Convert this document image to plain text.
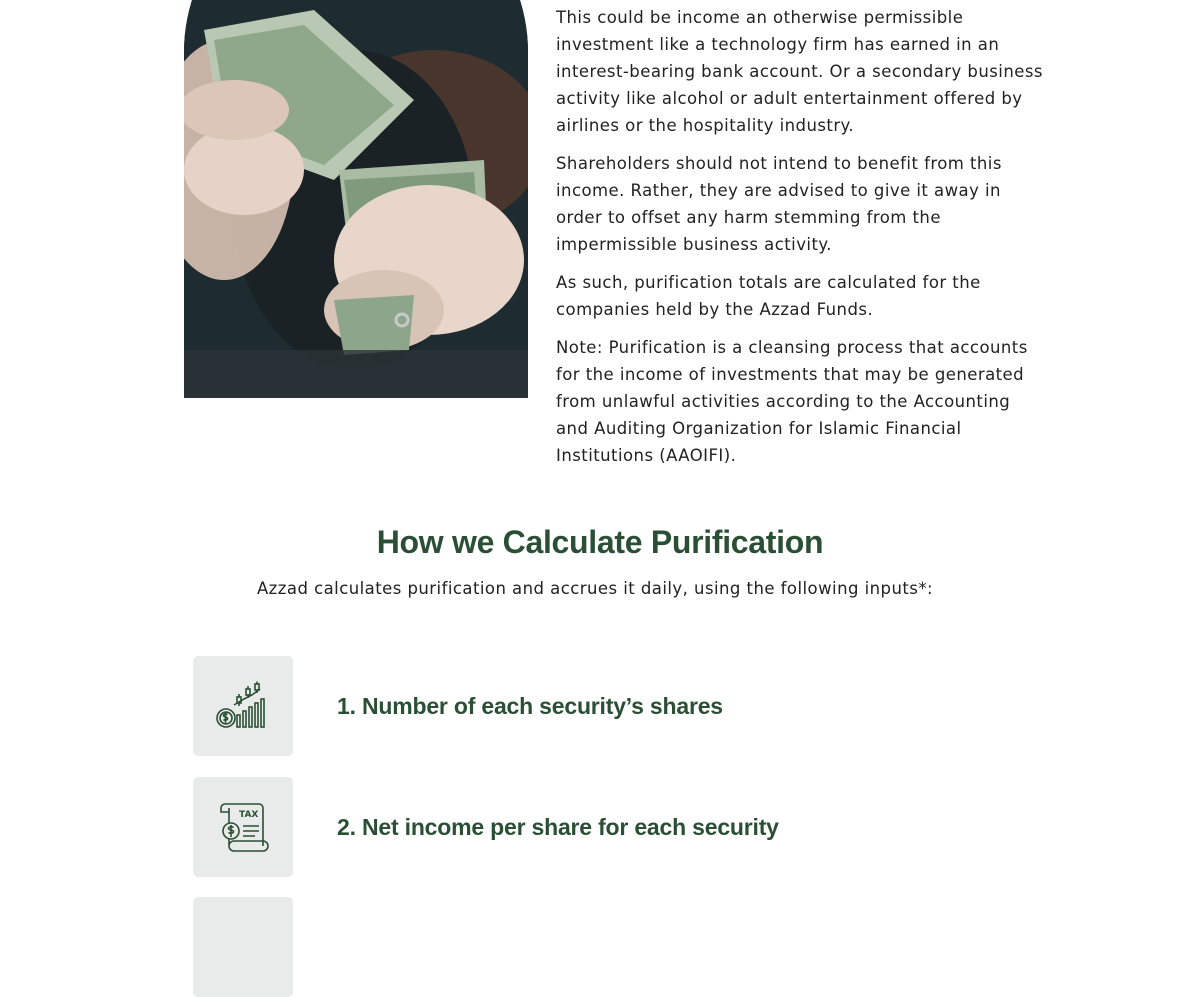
This could be income an otherwise permissible investment like a technology firm has earned in an interest-bearing bank account. Or a secondary business activity like alcohol or adult entertainment offered by airlines or the hospitality industry.

Shareholders should not intend to benefit from this income. Rather, they are advised to give it away in order to offset any harm stemming from the impermissible business activity.

As such, purification totals are calculated for the companies held by the Azzad Funds.

Note: Purification is a cleansing process that accounts for the income of investments that may be generated from unlawful activities according to the Accounting and Auditing Organization for Islamic Financial Institutions (AAOIFI).

How we Calculate Purification

Azzad calculates purification and accrues it daily, using the following inputs*:

1. Number of each security’s shares
TAX	2. Net income per share for each security
